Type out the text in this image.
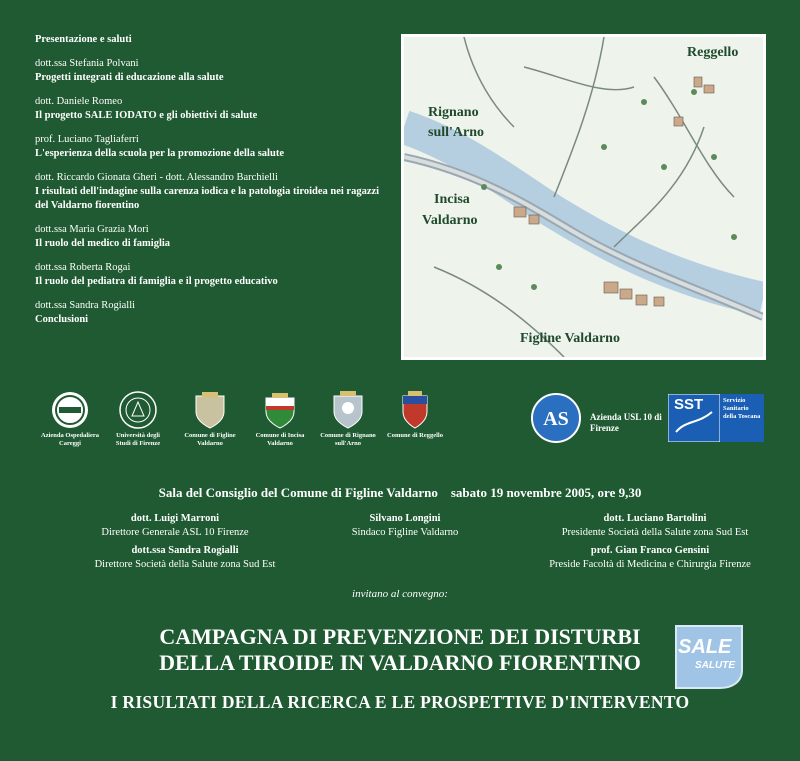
Presentazione e saluti
dott.ssa Stefania Polvani
Progetti integrati di educazione alla salute
dott. Daniele Romeo
Il progetto SALE IODATO e gli obiettivi di salute
prof. Luciano Tagliaferri
L'esperienza della scuola per la promozione della salute
dott. Riccardo Gionata Gheri - dott. Alessandro Barchielli
I risultati dell'indagine sulla carenza iodica e la patologia tiroidea nei ragazzi del Valdarno fiorentino
dott.ssa Maria Grazia Mori
Il ruolo del medico di famiglia
dott.ssa Roberta Rogai
Il ruolo del pediatra di famiglia e il progetto educativo
dott.ssa Sandra Rogialli
Conclusioni
Reggello
Rignano
sull'Arno
Incisa
Valdarno
Figline Valdarno
Azienda Ospedaliera Careggi
Università degli Studi di Firenze
Comune di Figline Valdarno
Comune di Incisa Valdarno
Comune di Rignano sull'Arno
Comune di Reggello
AS Azienda USL 10 di Firenze
SST	Servizio Sanitario della Toscana
Sala del Consiglio del Comune di Figline Valdarno    sabato 19 novembre 2005, ore 9,30
dott. Luigi Marroni
Direttore Generale ASL 10 Firenze
Silvano Longini
Sindaco Figline Valdarno
dott. Luciano Bartolini
Presidente Società della Salute zona Sud Est
dott.ssa Sandra Rogialli
Direttore Società della Salute zona Sud Est
prof. Gian Franco Gensini
Preside Facoltà di Medicina e Chirurgia Firenze
invitano al convegno:
CAMPAGNA DI PREVENZIONE DEI DISTURBI
DELLA TIROIDE IN VALDARNO FIORENTINO
SALE
SALUTE
I RISULTATI DELLA RICERCA E LE PROSPETTIVE D'INTERVENTO
